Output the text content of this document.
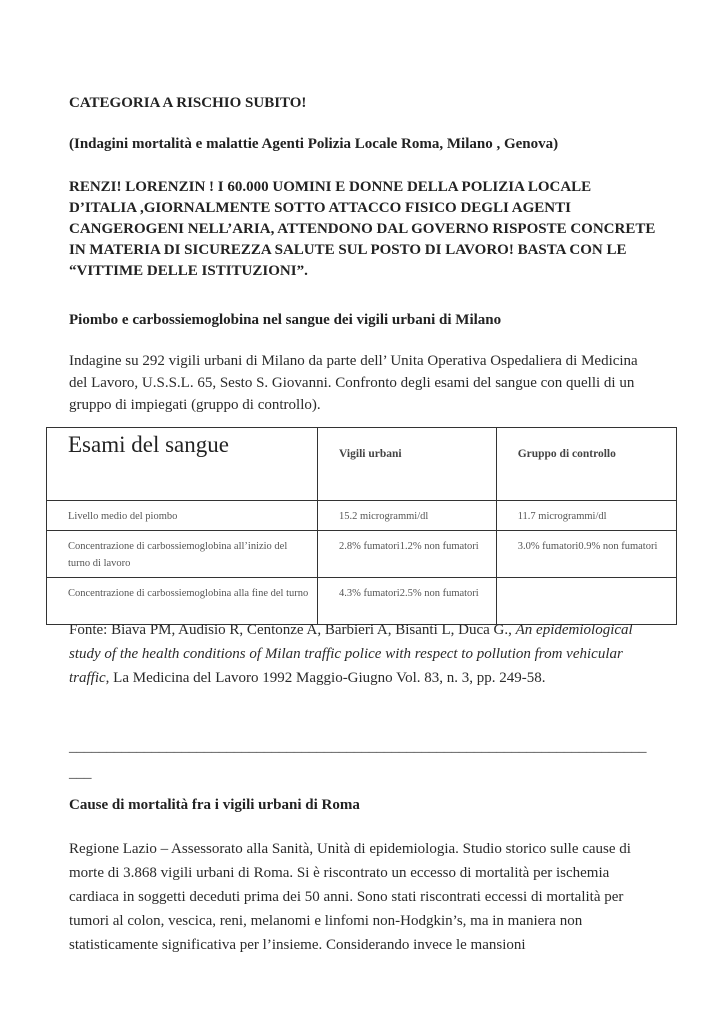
CATEGORIA A RISCHIO SUBITO!
(Indagini mortalità e malattie Agenti Polizia Locale Roma, Milano , Genova)
RENZI! LORENZIN ! I 60.000 UOMINI E DONNE DELLA POLIZIA LOCALE D’ITALIA ,GIORNALMENTE SOTTO ATTACCO FISICO DEGLI AGENTI CANGEROGENI NELL’ARIA, ATTENDONO DAL GOVERNO RISPOSTE CONCRETE IN MATERIA DI SICUREZZA SALUTE SUL POSTO DI LAVORO! BASTA CON LE “VITTIME DELLE ISTITUZIONI”.
Piombo e carbossiemoglobina nel sangue dei vigili urbani di Milano

Indagine su 292 vigili urbani di Milano da parte dell’ Unita Operativa Ospedaliera di Medicina del Lavoro, U.S.S.L. 65, Sesto S. Giovanni. Confronto degli esami del sangue con quelli di un gruppo di impiegati (gruppo di controllo).

Esami del sangue	Vigili urbani	Gruppo di controllo
Livello medio del piombo	15.2 microgrammi/dl	11.7 microgrammi/dl
Concentrazione di carbossiemoglobina all’inizio del turno di lavoro	2.8% fumatori1.2% non fumatori	3.0% fumatori0.9% non fumatori
Concentrazione di carbossiemoglobina alla fine del turno	4.3% fumatori2.5% non fumatori	

Fonte: Biava PM, Audisio R, Centonze A, Barbieri A, Bisanti L, Duca G., An epidemiological study of the health conditions of Milan traffic police with respect to pollution from vehicular traffic, La Medicina del Lavoro 1992 Maggio-Giugno Vol. 83, n. 3, pp. 249-58.

________________________________________________________________________________
Cause di mortalità fra i vigili urbani di Roma

Regione Lazio – Assessorato alla Sanità, Unità di epidemiologia. Studio storico sulle cause di morte di 3.868 vigili urbani di Roma. Si è riscontrato un eccesso di mortalità per ischemia cardiaca in soggetti deceduti prima dei 50 anni. Sono stati riscontrati eccessi di mortalità per tumori al colon, vescica, reni, melanomi e linfomi non-Hodgkin’s, ma in maniera non statisticamente significativa per l’insieme. Considerando invece le mansioni
